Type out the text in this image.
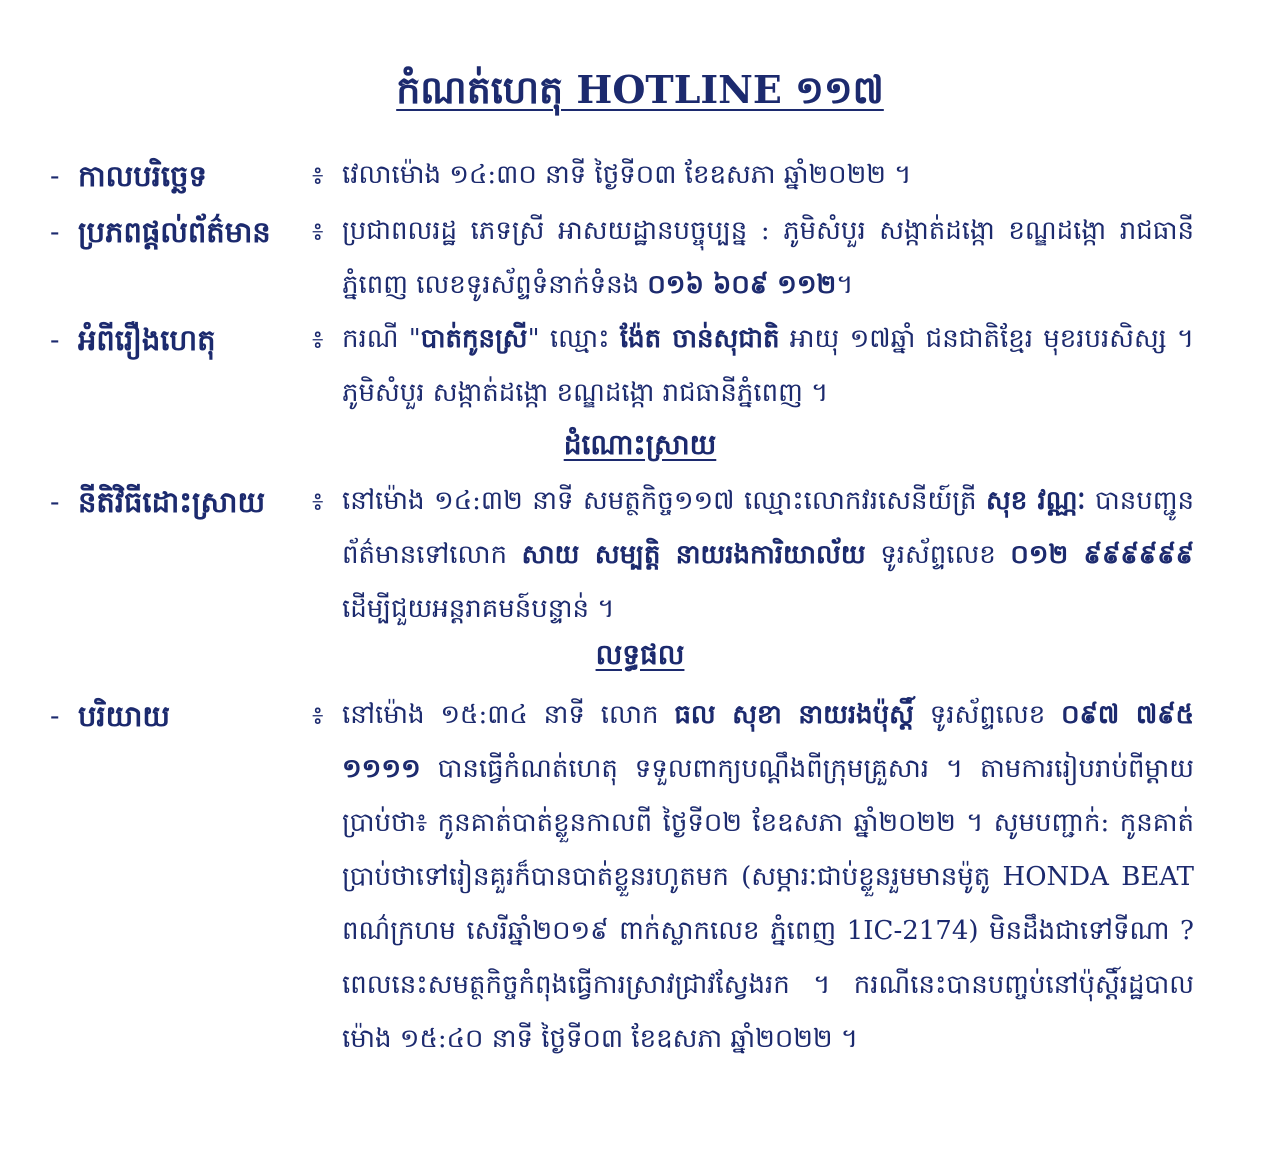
កំណត់ហេតុ HOTLINE ១១៧
- កាលបរិច្ឆេទ	៖ វេលាម៉ោង ១៤:៣០ នាទី ថ្ងៃទី០៣ ខែឧសភា ឆ្នាំ២០២២ ។
- ប្រភពផ្តល់ព័ត៌មាន	៖ ប្រជាពលរដ្ឋ ភេទស្រី អាសយដ្ឋានបច្ចុប្បន្ន : ភូមិសំបួរ សង្កាត់ដង្កោ ខណ្ឌដង្កោ រាជធានីភ្នំពេញ លេខទូរស័ព្ទទំនាក់ទំនង ០១៦ ៦០៩ ១១២។
- អំពីរឿងហេតុ	៖ ករណី "បាត់កូនស្រី" ឈ្មោះ ង៉ែត ចាន់សុជាតិ អាយុ ១៧ឆ្នាំ ជនជាតិខ្មែរ មុខរបរសិស្ស ។ ភូមិសំបួរ សង្កាត់ដង្កោ ខណ្ឌដង្កោ រាជធានីភ្នំពេញ ។
ដំណោះស្រាយ
- នីតិវិធីដោះស្រាយ	៖ នៅម៉ោង ១៤:៣២ នាទី សមត្ថកិច្ច១១៧ ឈ្មោះលោកវរសេនីយ៍ត្រី សុខ វណ្ណៈ បានបញ្ជូនព័ត៌មានទៅលោក សាយ សម្បត្តិ នាយរងការិយាល័យ ទូរស័ព្ទលេខ ០១២ ៩៩៩៩៩៩ ដើម្បីជួយអន្តរាគមន៍បន្ទាន់ ។
លទ្ធផល
- បរិយាយ	៖ នៅម៉ោង ១៥:៣៤ នាទី លោក ធល សុខា នាយរងប៉ុស្តិ៍ ទូរស័ព្ទលេខ ០៩៧ ៧៩៥ ១១១១ បានធ្វើកំណត់ហេតុ ទទួលពាក្យបណ្តឹងពីក្រុមគ្រួសារ ។ តាមការរៀបរាប់ពីម្តាយប្រាប់ថា៖ កូនគាត់បាត់ខ្លួនកាលពី ថ្ងៃទី០២ ខែឧសភា ឆ្នាំ២០២២ ។ សូមបញ្ជាក់: កូនគាត់ប្រាប់ថាទៅរៀនគួរក៏បានបាត់ខ្លួនរហូតមក (សម្ភារៈជាប់ខ្លួនរួមមានម៉ូតូ HONDA BEAT ពណ៌ក្រហម សេរីឆ្នាំ២០១៩ ពាក់ស្លាកលេខ ភ្នំពេញ 1IC-2174) មិនដឹងជាទៅទីណា ? ពេលនេះសមត្ថកិច្ចកំពុងធ្វើការស្រាវជ្រាវស្វែងរក ។ ករណីនេះបានបញ្ចប់នៅប៉ុស្តិ៍រដ្ឋបាលម៉ោង ១៥:៤០ នាទី ថ្ងៃទី០៣ ខែឧសភា ឆ្នាំ២០២២ ។
